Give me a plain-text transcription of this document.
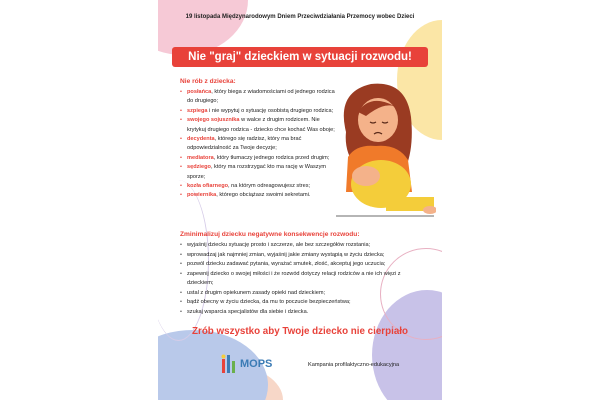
19 listopada Międzynarodowym Dniem Przeciwdziałania Przemocy wobec Dzieci
Nie "graj" dzieckiem w sytuacji rozwodu!
Nie rób z dziecka:
• posłańca, który biega z wiadomościami od jednego rodzica do drugiego;
• szpiega i nie wypytuj o sytuację osobistą drugiego rodzica;
• swojego sojusznika w walce z drugim rodzicem. Nie krytykuj drugiego rodzica - dziecko chce kochać Was oboje;
• decydenta, którego się radzisz, który ma brać odpowiedzialność za Twoje decyzje;
• mediatora, który tłumaczy jednego rodzica przed drugim;
• sędziego, który ma rozstrzygać kto ma rację w Waszym sporze;
• kozła ofiarnego, na którym odreagowujesz stres;
• powiernika, którego obciążasz swoimi sekretami.
Zminimalizuj dziecku negatywne konsekwencje rozwodu:
• wyjaśnij dziecku sytuację prosto i szczerze, ale bez szczegółów rozstania;
• wprowadzaj jak najmniej zmian, wyjaśnij jakie zmiany wystąpią w życiu dziecka;
• pozwól dziecku zadawać pytania, wyrażać smutek, złość, akceptuj jego uczucia;
• zapewnij dziecko o swojej miłości i że rozwód dotyczy relacji rodziców a nie ich więzi z dzieckiem;
• ustal z drugim opiekunem zasady opieki nad dzieckiem;
• bądź obecny w życiu dziecka, da mu to poczucie bezpieczeństwa;
• szukaj wsparcia specjalistów dla siebie i dziecka.
Zrób wszystko aby Twoje dziecko nie cierpiało
MOPS	Kampania profilaktyczno-edukacyjna
